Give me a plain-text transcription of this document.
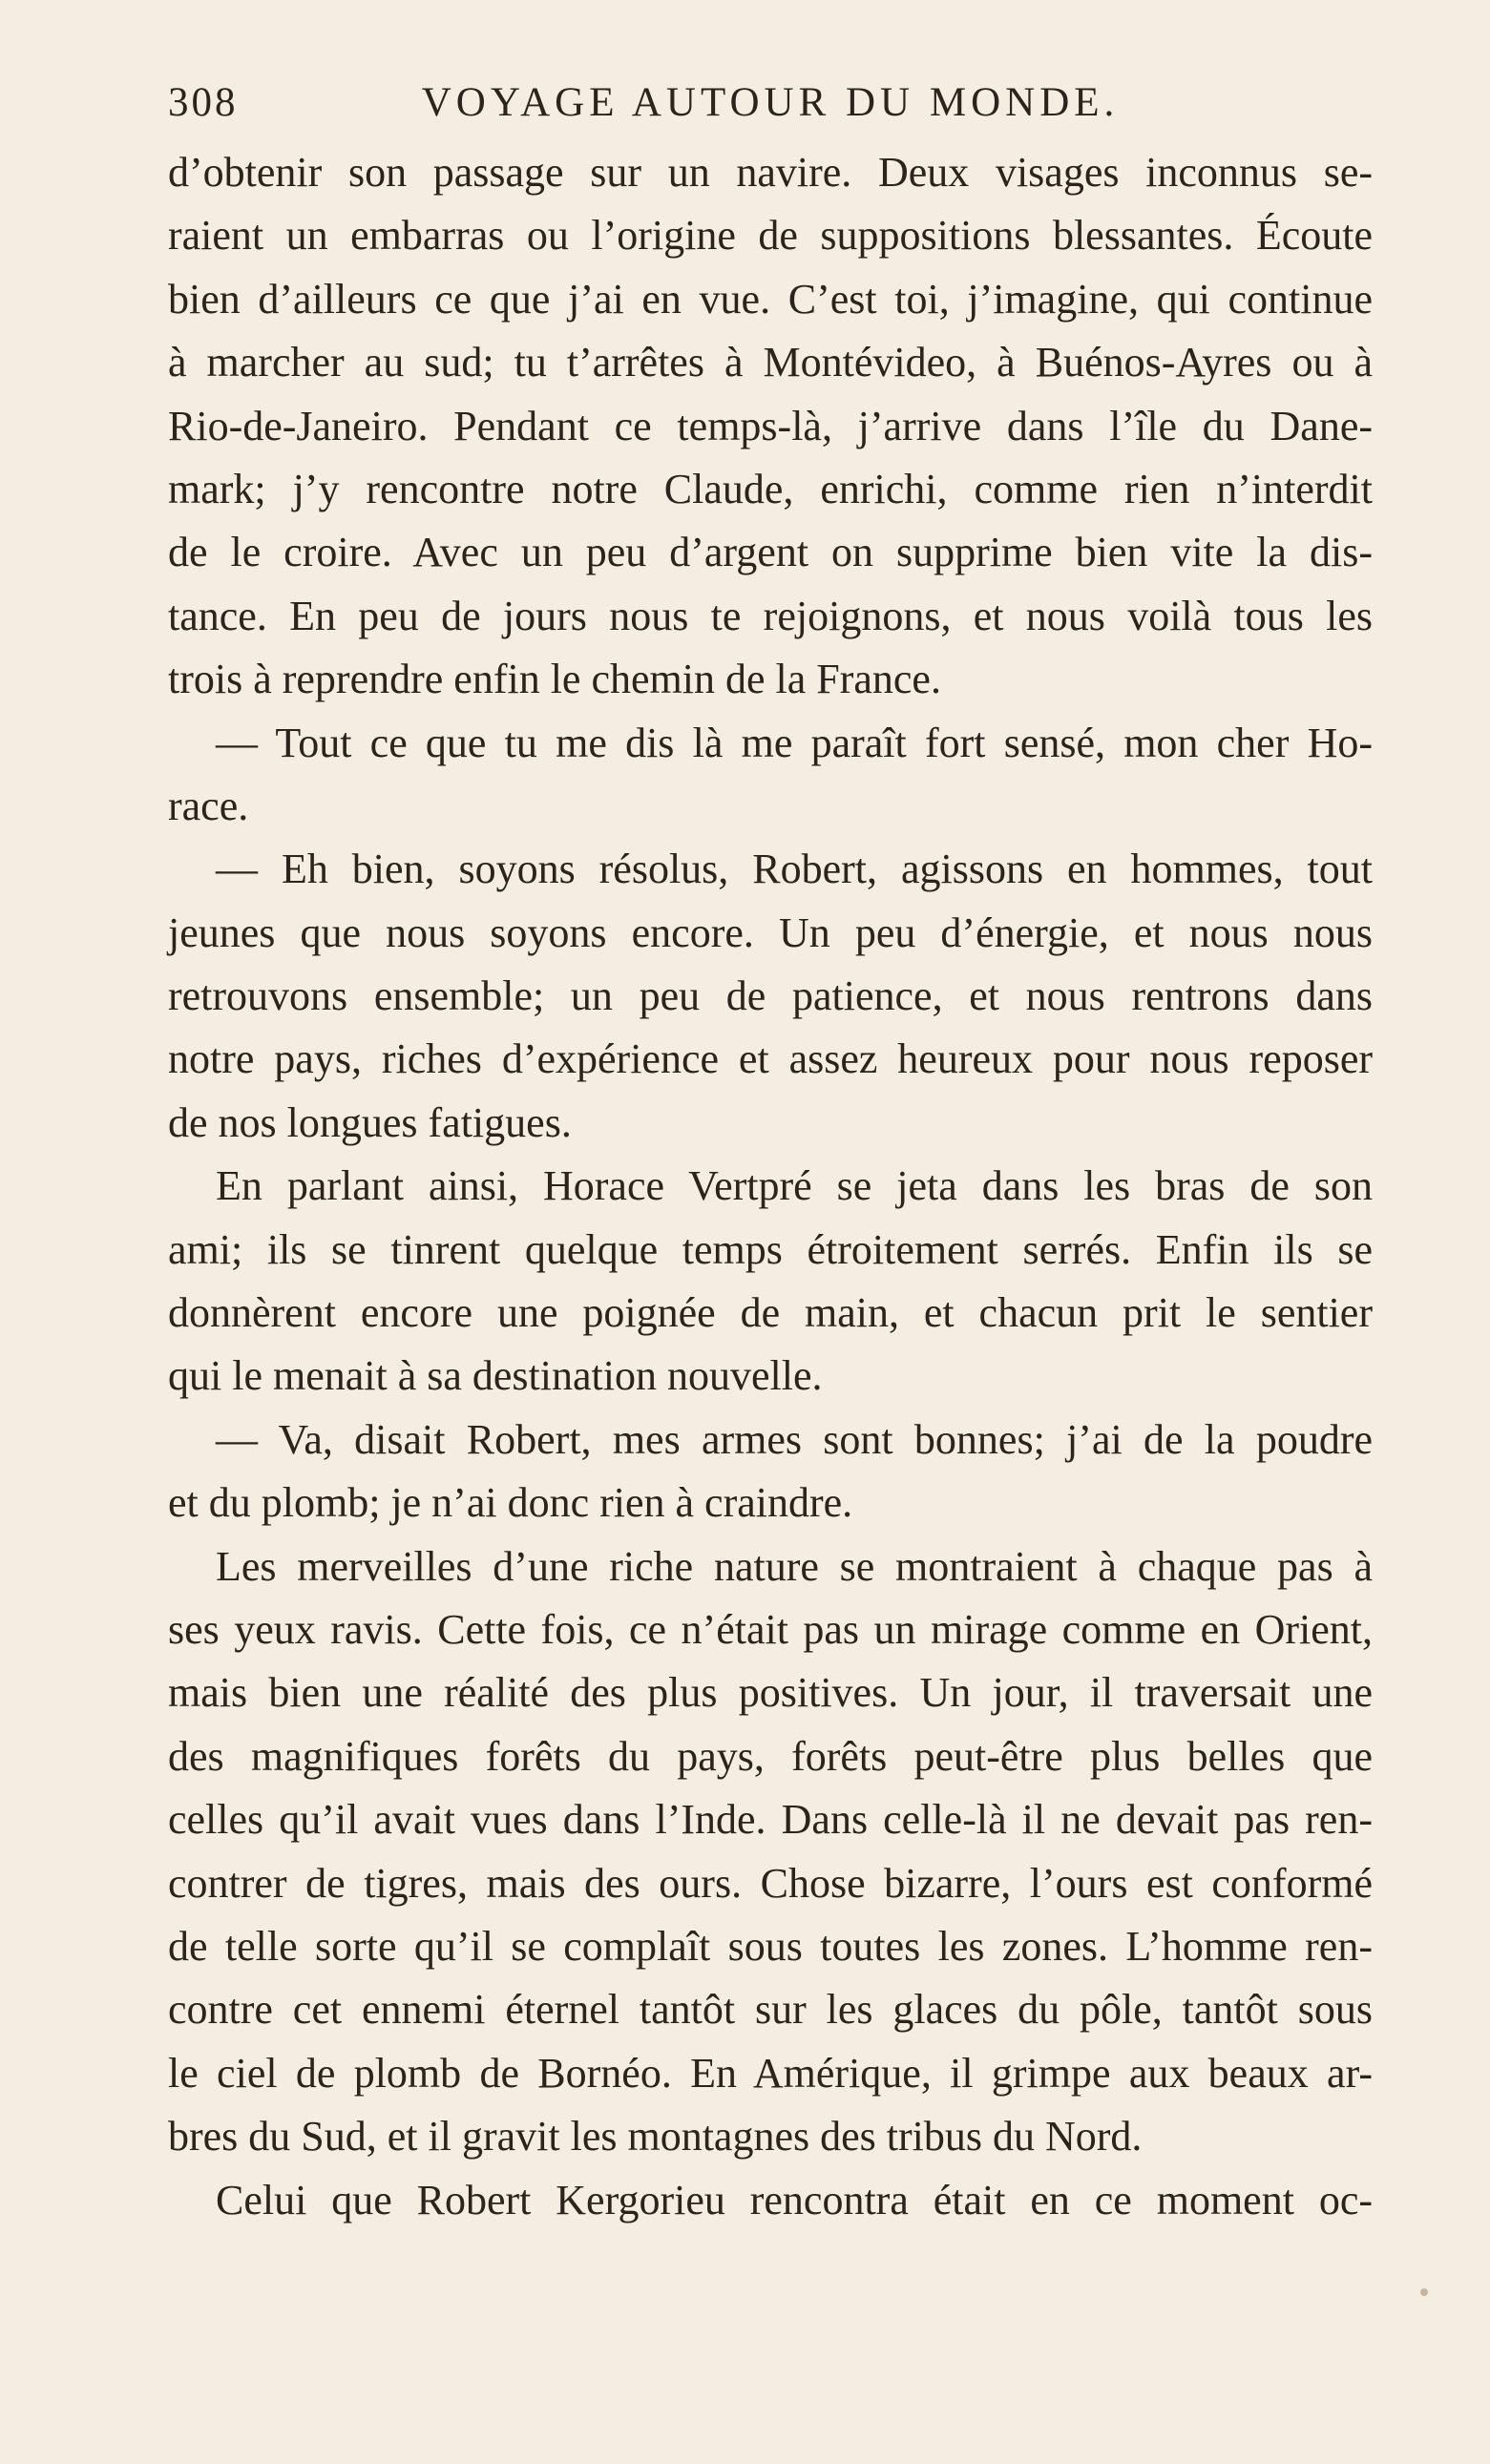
308	VOYAGE AUTOUR DU MONDE.
d’obtenir son passage sur un navire. Deux visages inconnus se-
raient un embarras ou l’origine de suppositions blessantes. Écoute
bien d’ailleurs ce que j’ai en vue. C’est toi, j’imagine, qui continue
à marcher au sud; tu t’arrêtes à Montévideo, à Buénos-Ayres ou à
Rio-de-Janeiro. Pendant ce temps-là, j’arrive dans l’île du Dane-
mark; j’y rencontre notre Claude, enrichi, comme rien n’interdit
de le croire. Avec un peu d’argent on supprime bien vite la dis-
tance. En peu de jours nous te rejoignons, et nous voilà tous les
trois à reprendre enfin le chemin de la France.
— Tout ce que tu me dis là me paraît fort sensé, mon cher Ho-
race.
— Eh bien, soyons résolus, Robert, agissons en hommes, tout
jeunes que nous soyons encore. Un peu d’énergie, et nous nous
retrouvons ensemble; un peu de patience, et nous rentrons dans
notre pays, riches d’expérience et assez heureux pour nous reposer
de nos longues fatigues.
En parlant ainsi, Horace Vertpré se jeta dans les bras de son
ami; ils se tinrent quelque temps étroitement serrés. Enfin ils se
donnèrent encore une poignée de main, et chacun prit le sentier
qui le menait à sa destination nouvelle.
— Va, disait Robert, mes armes sont bonnes; j’ai de la poudre
et du plomb; je n’ai donc rien à craindre.
Les merveilles d’une riche nature se montraient à chaque pas à
ses yeux ravis. Cette fois, ce n’était pas un mirage comme en Orient,
mais bien une réalité des plus positives. Un jour, il traversait une
des magnifiques forêts du pays, forêts peut-être plus belles que
celles qu’il avait vues dans l’Inde. Dans celle-là il ne devait pas ren-
contrer de tigres, mais des ours. Chose bizarre, l’ours est conformé
de telle sorte qu’il se complaît sous toutes les zones. L’homme ren-
contre cet ennemi éternel tantôt sur les glaces du pôle, tantôt sous
le ciel de plomb de Bornéo. En Amérique, il grimpe aux beaux ar-
bres du Sud, et il gravit les montagnes des tribus du Nord.
Celui que Robert Kergorieu rencontra était en ce moment oc-
